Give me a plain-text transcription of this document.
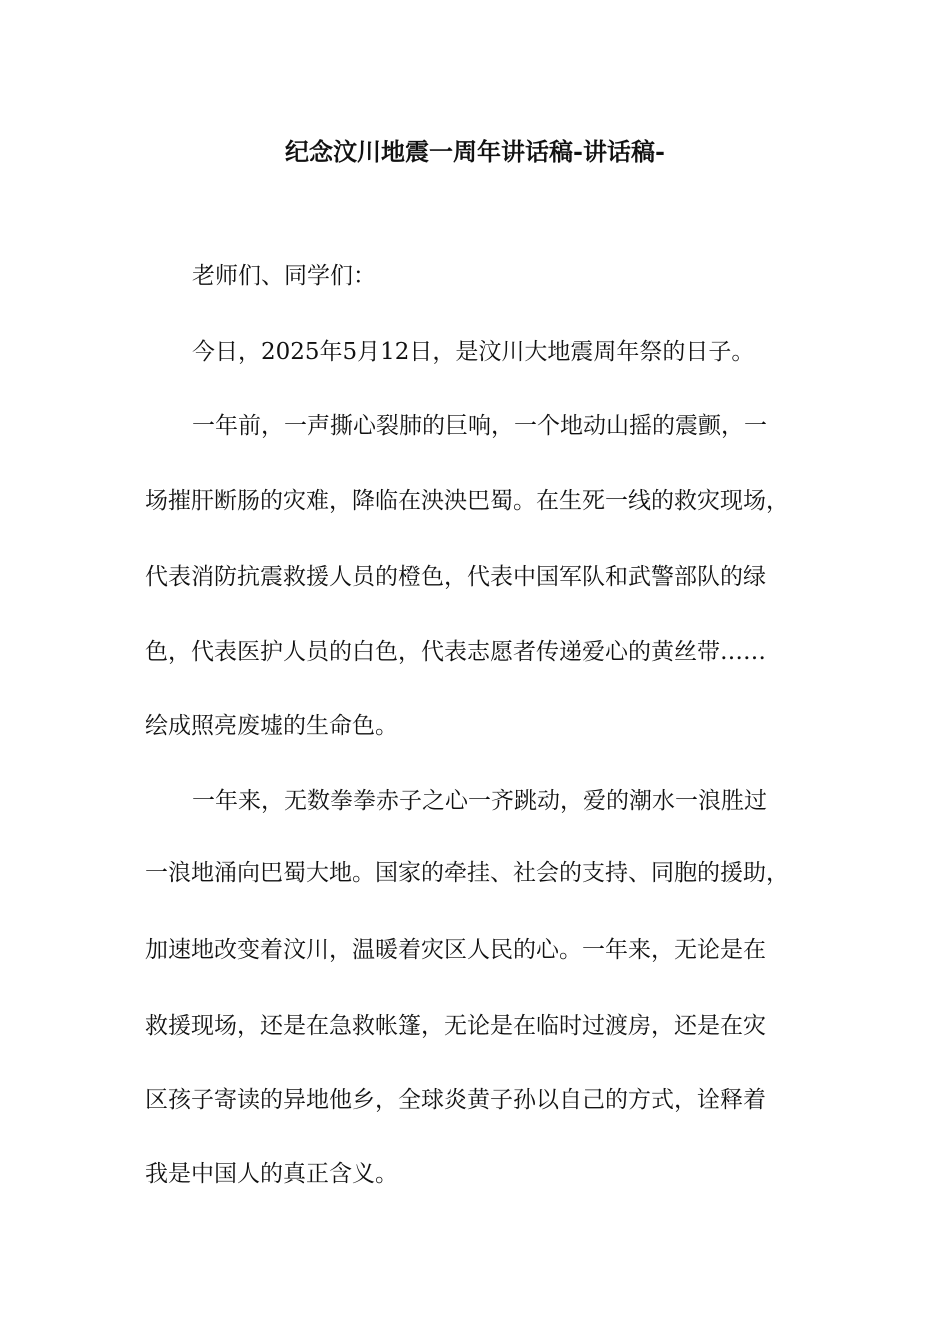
纪念汶川地震一周年讲话稿-讲话稿-
老师们、同学们：
今日，2025年5月12日，是汶川大地震周年祭的日子。
一年前，一声撕心裂肺的巨响，一个地动山摇的震颤，一
场摧肝断肠的灾难，降临在泱泱巴蜀。在生死一线的救灾现场，
代表消防抗震救援人员的橙色，代表中国军队和武警部队的绿
色，代表医护人员的白色，代表志愿者传递爱心的黄丝带……
绘成照亮废墟的生命色。
一年来，无数拳拳赤子之心一齐跳动，爱的潮水一浪胜过
一浪地涌向巴蜀大地。国家的牵挂、社会的支持、同胞的援助，
加速地改变着汶川，温暖着灾区人民的心。一年来，无论是在
救援现场，还是在急救帐篷，无论是在临时过渡房，还是在灾
区孩子寄读的异地他乡，全球炎黄子孙以自己的方式，诠释着
我是中国人的真正含义。
